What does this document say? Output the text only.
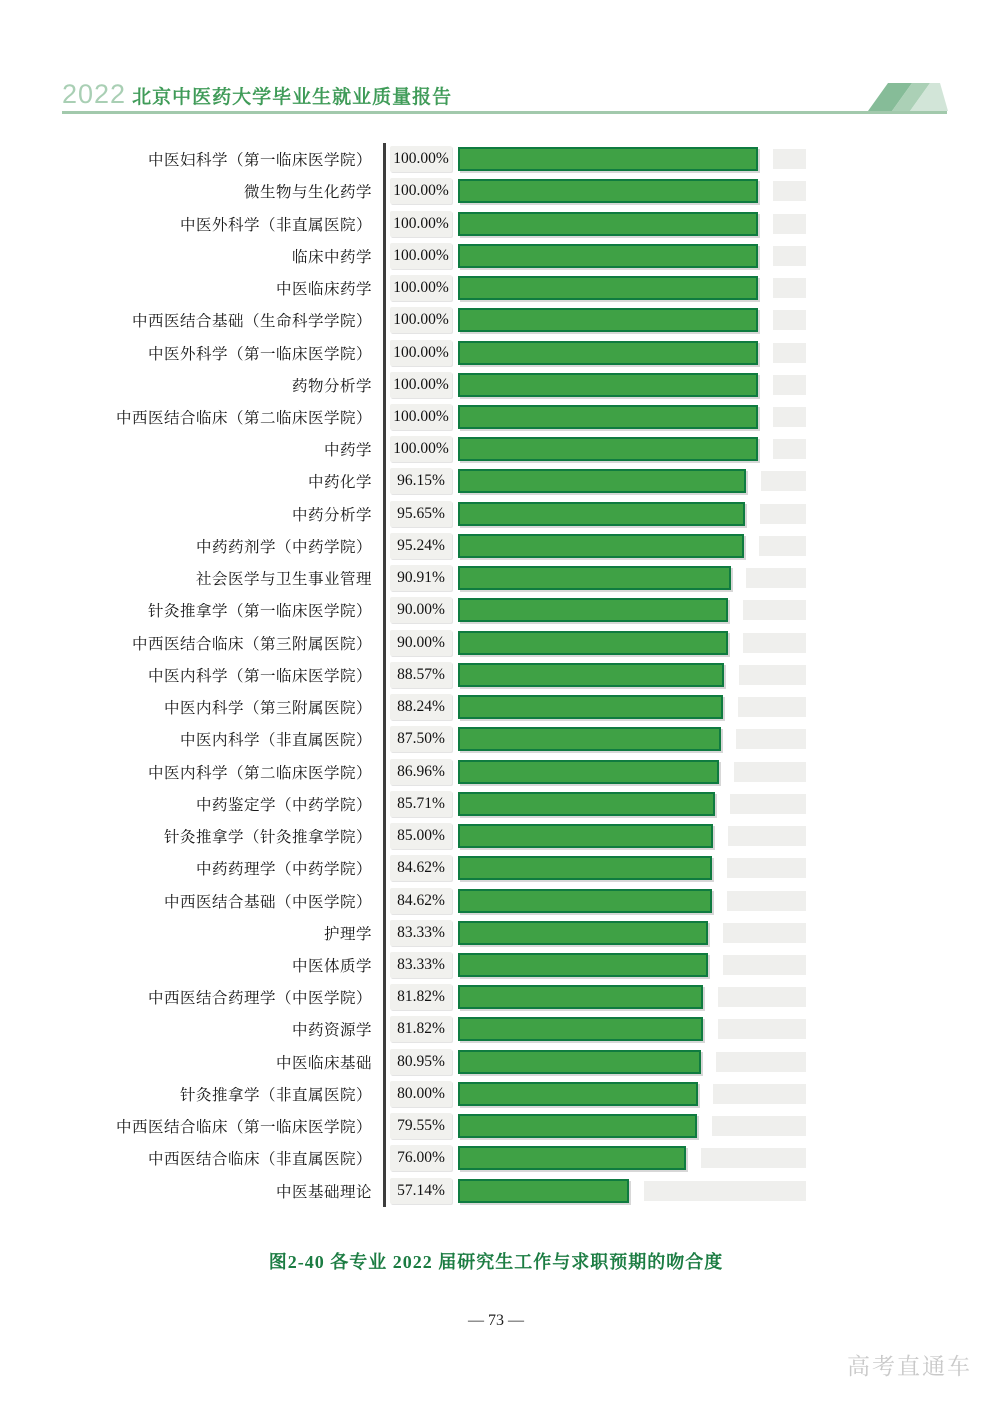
2022 北京中医药大学毕业生就业质量报告
中医妇科学（第一临床医学院） 100.00%
微生物与生化药学 100.00%
中医外科学（非直属医院） 100.00%
临床中药学 100.00%
中医临床药学 100.00%
中西医结合基础（生命科学学院） 100.00%
中医外科学（第一临床医学院） 100.00%
药物分析学 100.00%
中西医结合临床（第二临床医学院） 100.00%
中药学 100.00%
中药化学	96.15%
中药分析学	95.65%
中药药剂学（中药学院）	95.24%
社会医学与卫生事业管理	90.91%
针灸推拿学（第一临床医学院）	90.00%
中西医结合临床（第三附属医院）	90.00%
中医内科学（第一临床医学院）	88.57%
中医内科学（第三附属医院）	88.24%
中医内科学（非直属医院）	87.50%
中医内科学（第二临床医学院）	86.96%
中药鉴定学（中药学院）	85.71%
针灸推拿学（针灸推拿学院）	85.00%
中药药理学（中药学院）	84.62%
中西医结合基础（中医学院）	84.62%
护理学	83.33%
中医体质学	83.33%
中西医结合药理学（中医学院）	81.82%
中药资源学	81.82%
中医临床基础	80.95%
针灸推拿学（非直属医院）	80.00%
中西医结合临床（第一临床医学院）	79.55%
中西医结合临床（非直属医院）	76.00%
中医基础理论	57.14%
图2-40 各专业 2022 届研究生工作与求职预期的吻合度
— 73 —
高考直通车
